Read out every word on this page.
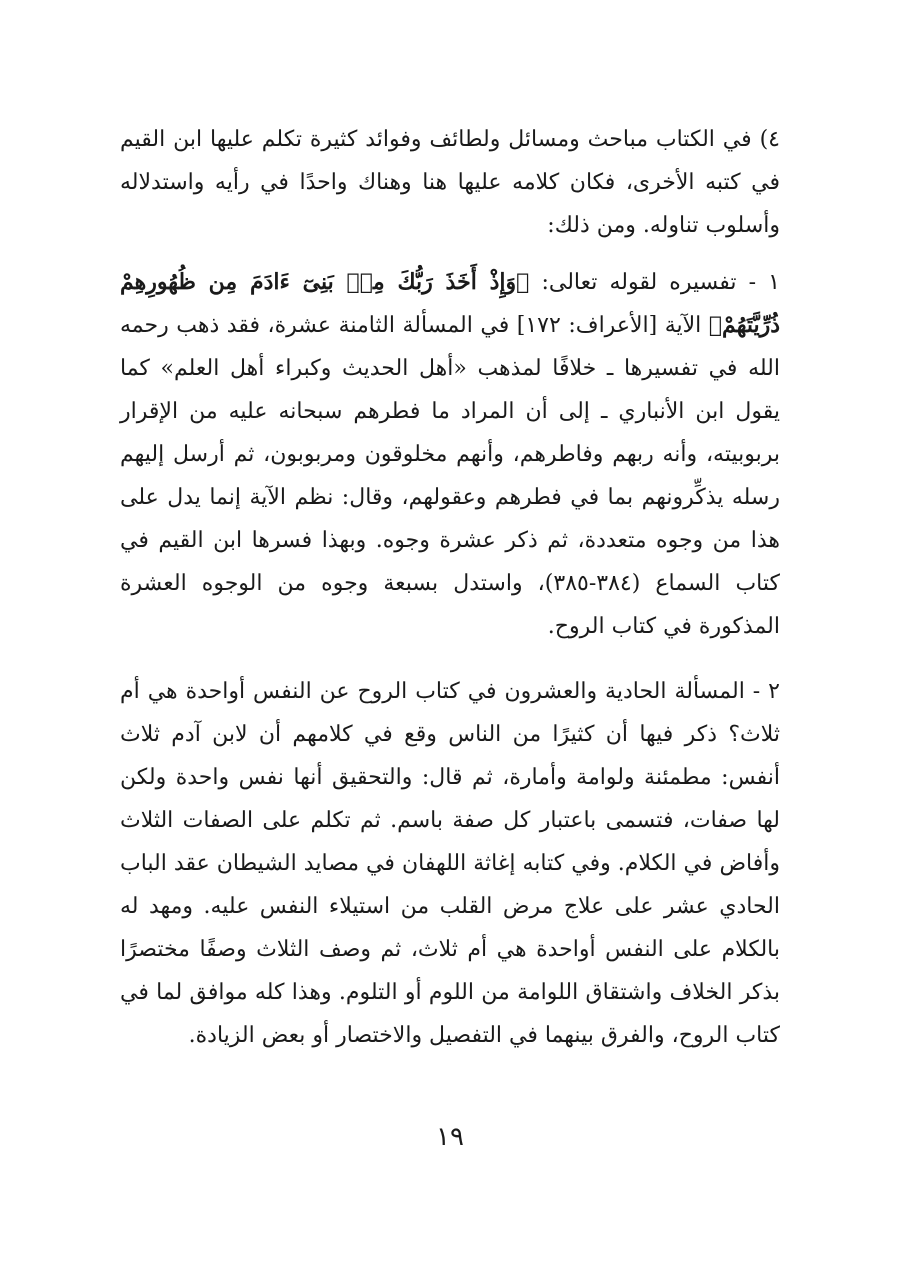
٤) في الكتاب مباحث ومسائل ولطائف وفوائد كثيرة تكلم عليها ابن القيم في كتبه الأخرى، فكان كلامه عليها هنا وهناك واحدًا في رأيه واستدلاله وأسلوب تناوله. ومن ذلك:

١ - تفسيره لقوله تعالى: ﴿وَإِذْ أَخَذَ رَبُّكَ مِنۢ بَنِىٓ ءَادَمَ مِن ظُهُورِهِمْ ذُرِّيَّتَهُمْ﴾ الآية [الأعراف: ١٧٢] في المسألة الثامنة عشرة، فقد ذهب رحمه الله في تفسيرها ـ خلافًا لمذهب «أهل الحديث وكبراء أهل العلم» كما يقول ابن الأنباري ـ إلى أن المراد ما فطرهم سبحانه عليه من الإقرار بربوبيته، وأنه ربهم وفاطرهم، وأنهم مخلوقون ومربوبون، ثم أرسل إليهم رسله يذكِّرونهم بما في فطرهم وعقولهم، وقال: نظم الآية إنما يدل على هذا من وجوه متعددة، ثم ذكر عشرة وجوه. وبهذا فسرها ابن القيم في كتاب السماع (٣٨٤-٣٨٥)، واستدل بسبعة وجوه من الوجوه العشرة المذكورة في كتاب الروح.

٢ - المسألة الحادية والعشرون في كتاب الروح عن النفس أواحدة هي أم ثلاث؟ ذكر فيها أن كثيرًا من الناس وقع في كلامهم أن لابن آدم ثلاث أنفس: مطمئنة ولوامة وأمارة، ثم قال: والتحقيق أنها نفس واحدة ولكن لها صفات، فتسمى باعتبار كل صفة باسم. ثم تكلم على الصفات الثلاث وأفاض في الكلام. وفي كتابه إغاثة اللهفان في مصايد الشيطان عقد الباب الحادي عشر على علاج مرض القلب من استيلاء النفس عليه. ومهد له بالكلام على النفس أواحدة هي أم ثلاث، ثم وصف الثلاث وصفًا مختصرًا بذكر الخلاف واشتقاق اللوامة من اللوم أو التلوم. وهذا كله موافق لما في كتاب الروح، والفرق بينهما في التفصيل والاختصار أو بعض الزيادة.

١٩
